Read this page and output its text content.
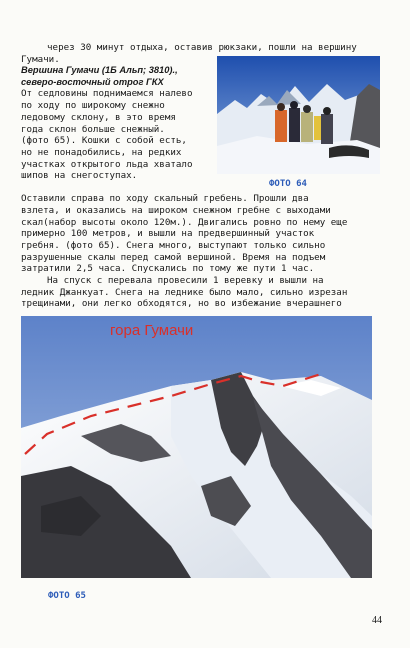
через 30 минут отдыха, оставив рюкзаки, пошли на вершину
Гумачи.
Вершина Гумачи (1Б Альп; 3810).,
северо-восточный отрог ГКХ
От седловины поднимаемся налево
по ходу по широкому снежно
ледовому склону, в это время
года склон больше снежный.
(фото 65). Кошки с собой есть,
но не понадобились, на редких
участках открытого льда хватало
шипов на снегоступах.
ФОТО 64
Оставили справа по ходу скальный гребень. Прошли два
взлета, и оказались на широком снежном гребне с выходами
скал(набор высоты около 120м.). Двигались ровно по нему еще
примерно 100 метров, и вышли на предвершинный участок
гребня. (фото 65). Снега много, выступают только сильно
разрушенные скалы перед самой вершиной. Время на подъем
затратили 2,5 часа. Спускались по тому же пути 1 час.
На спуск с перевала провесили 1 веревку и вышли на
ледник Джанкуат. Снега на леднике было мало, сильно изрезан
трещинами, они легко обходятся, но во избежание вчерашнего
гора Гумачи
ФОТО 65
44
